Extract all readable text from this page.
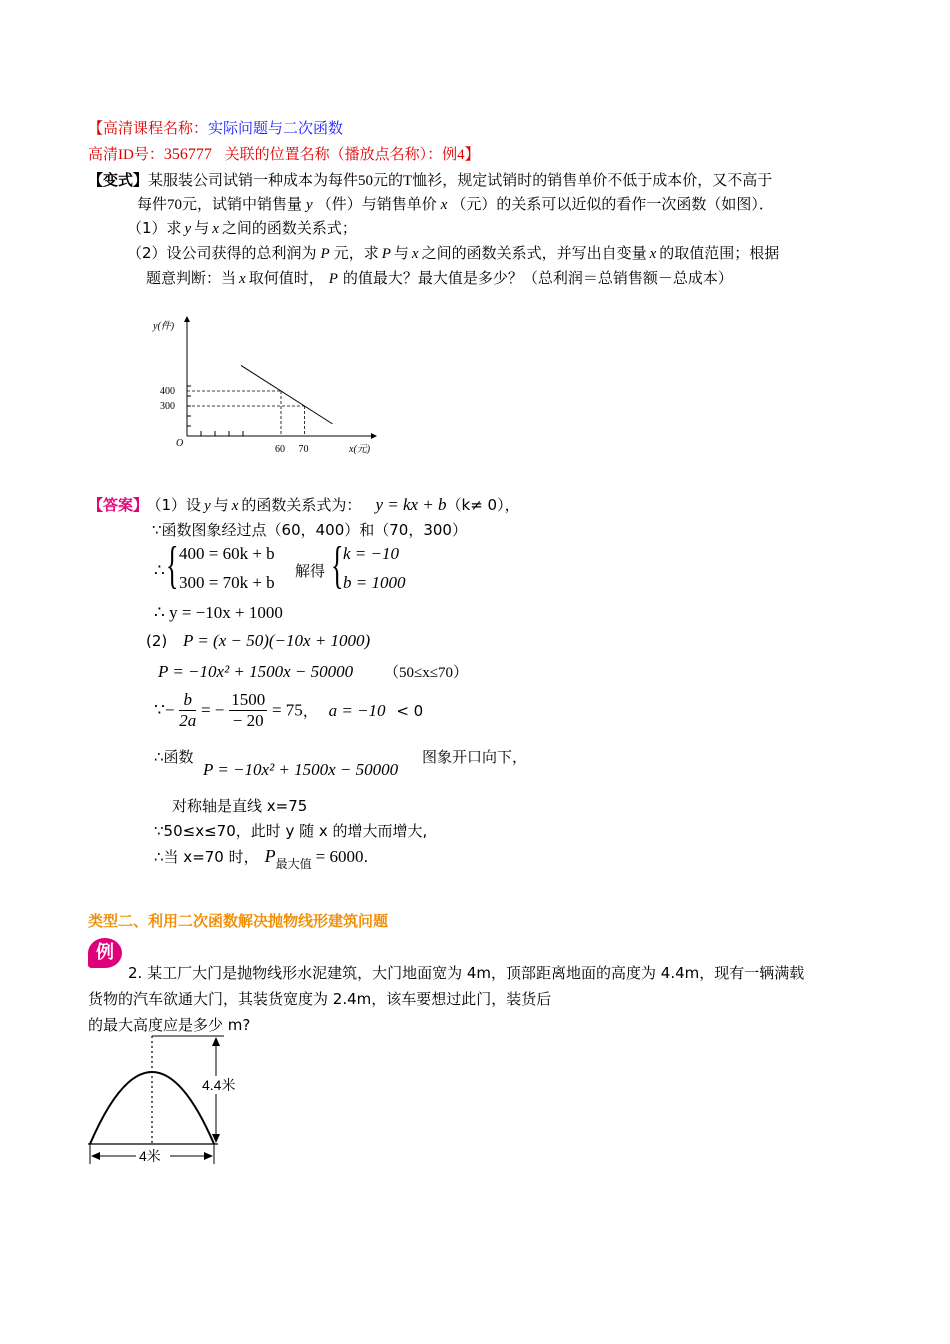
【高清课程名称：实际问题与二次函数
高清ID号：356777 关联的位置名称（播放点名称）：例4】
【变式】某服装公司试销一种成本为每件50元的T恤衫，规定试销时的销售单价不低于成本价，又不高于
每件70元，试销中销售量 y （件）与销售单价 x （元）的关系可以近似的看作一次函数（如图）．
（1）求 y 与 x 之间的函数关系式；
（2）设公司获得的总利润为 P 元，求 P 与 x 之间的函数关系式，并写出自变量 x 的取值范围；根据
题意判断：当 x 取何值时， P 的值最大？最大值是多少？（总利润＝总销售额－总成本）
y(件)
x(元)
O
400
300
60 70
【答案】 （1）设 y 与 x 的函数关系式为： y = kx + b（k≠ 0），
∵函数图象经过点（60，400）和（70，300）
∴ { 400 = 60k + b
300 = 70k + b
解得 { k = −10
b = 1000
∴ y = −10x + 1000
(2) P = (x − 50)(−10x + 1000)
P = −10x² + 1500x − 50000 （50≤x≤70）
∵− $\frac{b}{2a}$ = − $\frac{1500}{- 20} = 75$， a = −10 < 0
∴函数
P = −10x² + 1500x − 50000
图象开口向下，
对称轴是直线 x=75
∵50≤x≤70，此时 y 随 x 的增大而增大,
∴当 x=70 时， $P_{最大值} = 6000$.
类型二、利用二次函数解决抛物线形建筑问题
例
2. 某工厂大门是抛物线形水泥建筑，大门地面宽为 4m，顶部距离地面的高度为 4.4m，现有一辆满载
货物的汽车欲通大门，其装货宽度为 2.4m，该车要想过此门，装货后
的最大高度应是多少 m?
4.4米
4米
